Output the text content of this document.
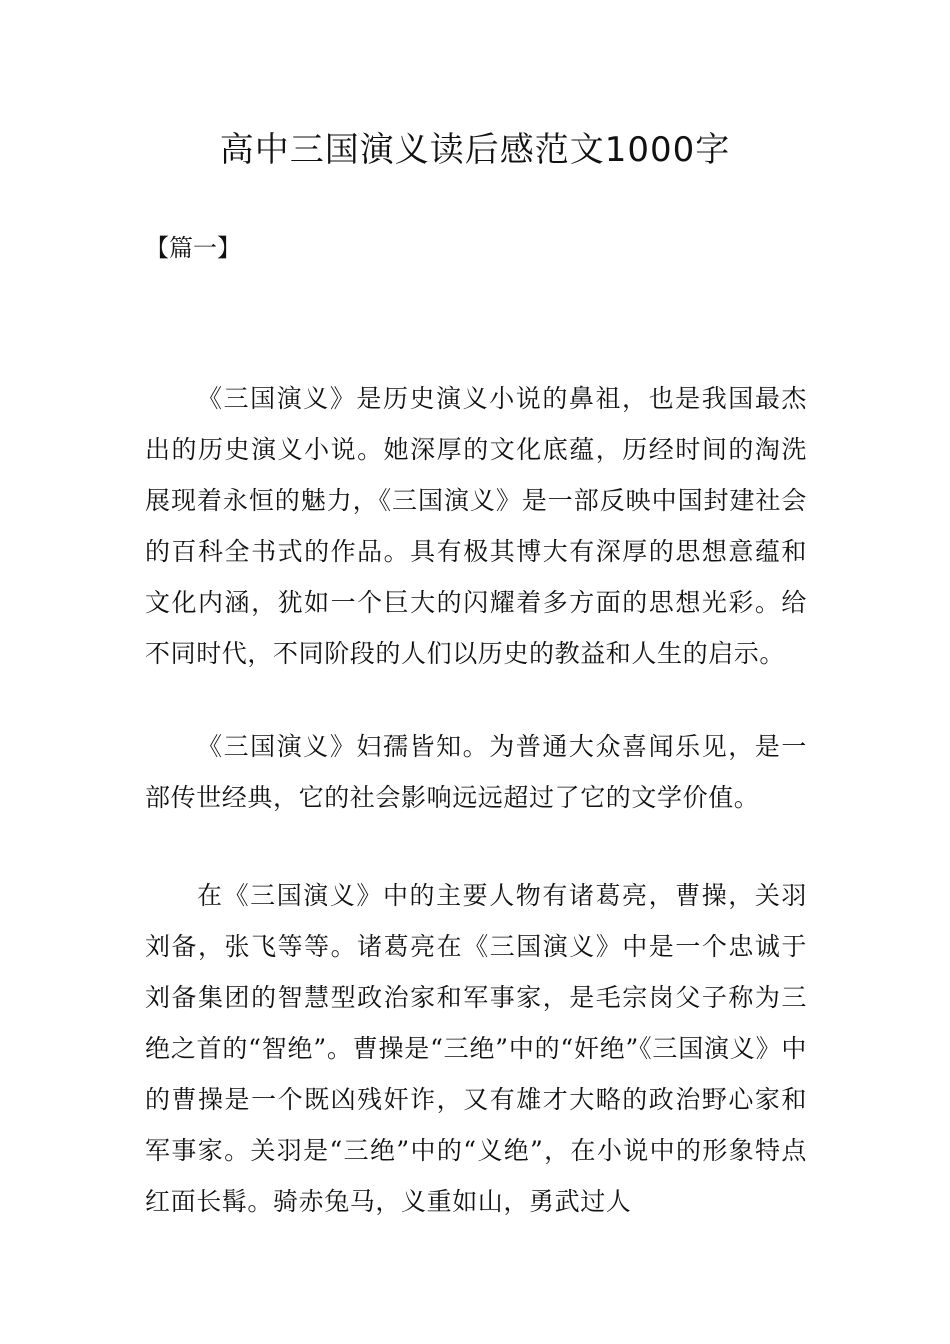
高中三国演义读后感范文1000字

【篇一】

《三国演义》是历史演义小说的鼻祖，也是我国最杰出的历史演义小说。她深厚的文化底蕴，历经时间的淘洗展现着永恒的魅力，《三国演义》是一部反映中国封建社会的百科全书式的作品。具有极其博大有深厚的思想意蕴和文化内涵，犹如一个巨大的闪耀着多方面的思想光彩。给不同时代，不同阶段的人们以历史的教益和人生的启示。

《三国演义》妇孺皆知。为普通大众喜闻乐见，是一部传世经典，它的社会影响远远超过了它的文学价值。

在《三国演义》中的主要人物有诸葛亮，曹操，关羽刘备，张飞等等。诸葛亮在《三国演义》中是一个忠诚于刘备集团的智慧型政治家和军事家，是毛宗岗父子称为三绝之首的“智绝”。曹操是“三绝”中的“奸绝”《三国演义》中的曹操是一个既凶残奸诈，又有雄才大略的政治野心家和军事家。关羽是“三绝”中的“义绝”，在小说中的形象特点红面长髯。骑赤兔马，义重如山，勇武过人
